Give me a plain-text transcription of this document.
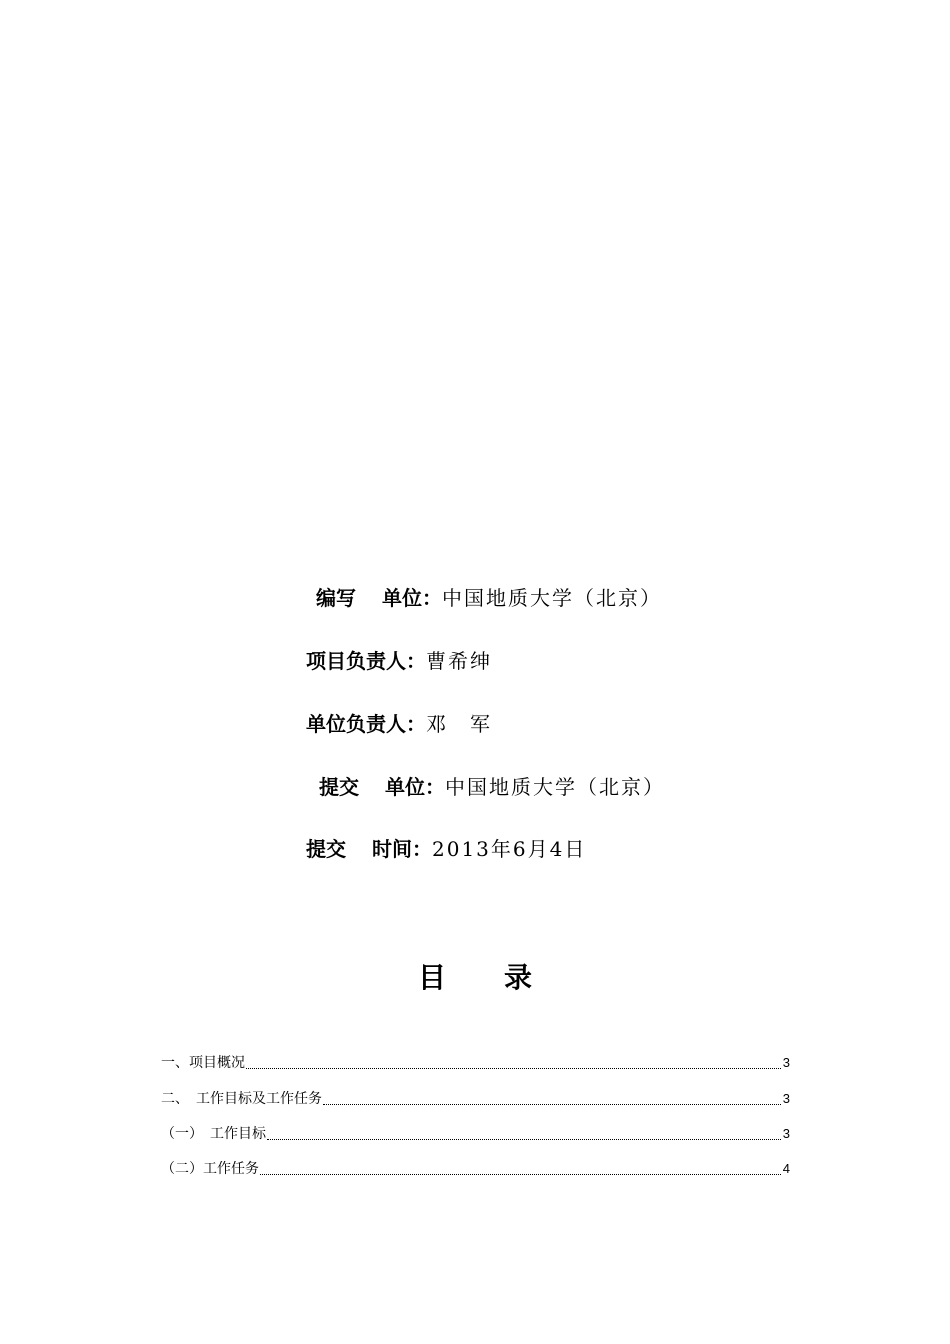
编写 单位 ： 中国地质大学（北京）
项目负责人 ： 曹希绅
单位负责人 ： 邓　军
提交 单位 ： 中国地质大学（北京）
提交 时间 ： 2013年6月4日
目 录
一、项目概况	3
二、　工作目标及工作任务	3
（一）　工作目标	3
（二）工作任务	4
